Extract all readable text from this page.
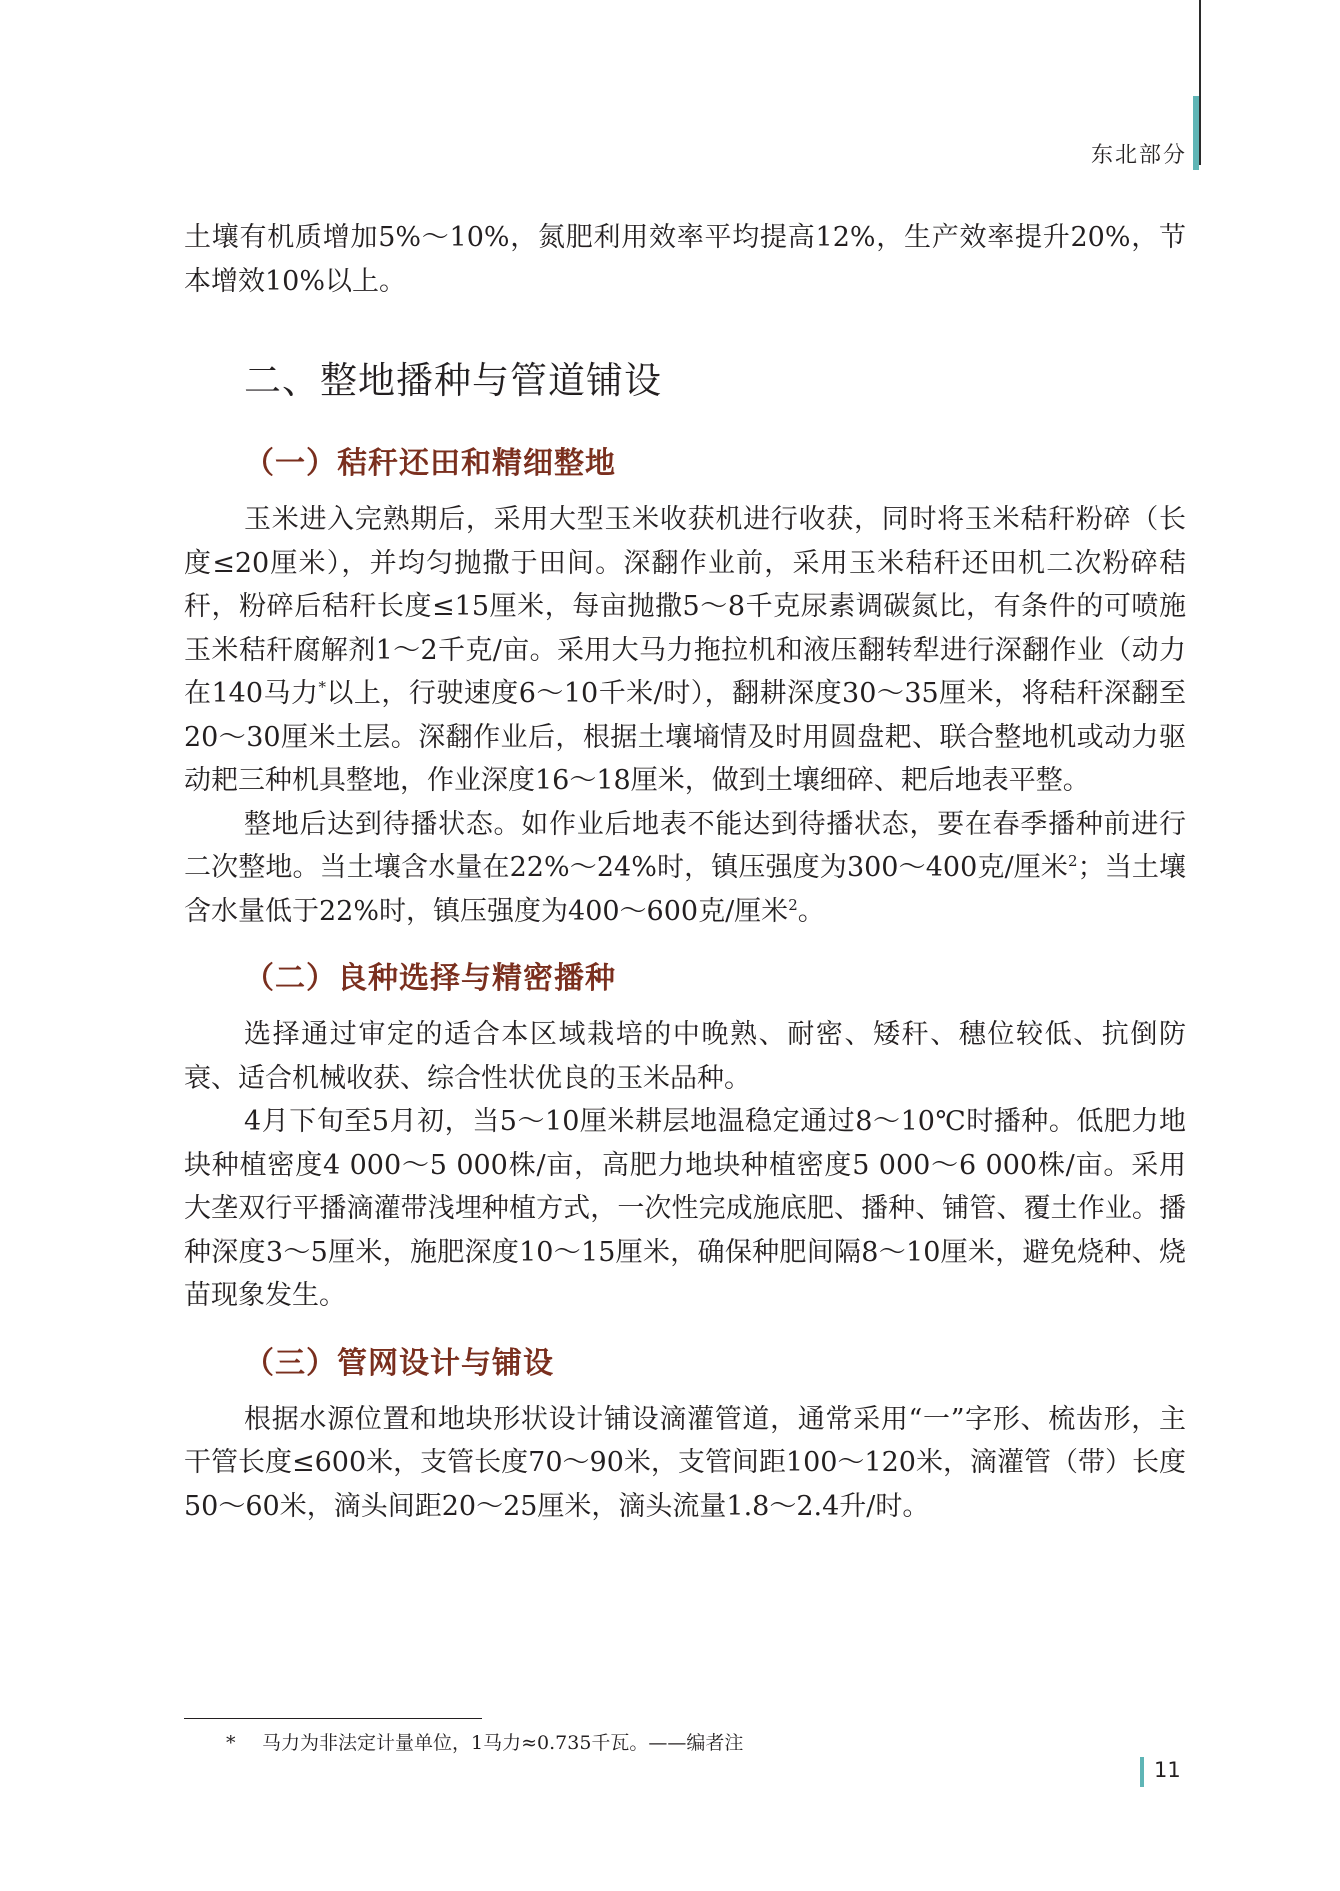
东北部分

土壤有机质增加5%～10%，氮肥利用效率平均提高12%，生产效率提升20%，节本增效10%以上。

二、整地播种与管道铺设
（一）秸秆还田和精细整地

玉米进入完熟期后，采用大型玉米收获机进行收获，同时将玉米秸秆粉碎（长度≤20厘米），并均匀抛撒于田间。深翻作业前，采用玉米秸秆还田机二次粉碎秸秆，粉碎后秸秆长度≤15厘米，每亩抛撒5～8千克尿素调碳氮比，有条件的可喷施玉米秸秆腐解剂1～2千克/亩。采用大马力拖拉机和液压翻转犁进行深翻作业（动力在140马力*以上，行驶速度6～10千米/时），翻耕深度30～35厘米，将秸秆深翻至20～30厘米土层。深翻作业后，根据土壤墒情及时用圆盘耙、联合整地机或动力驱动耙三种机具整地，作业深度16～18厘米，做到土壤细碎、耙后地表平整。

整地后达到待播状态。如作业后地表不能达到待播状态，要在春季播种前进行二次整地。当土壤含水量在22%～24%时，镇压强度为300～400克/厘米$^2$；当土壤含水量低于22%时，镇压强度为400～600克/厘米$^2$。

（二）良种选择与精密播种

选择通过审定的适合本区域栽培的中晚熟、耐密、矮秆、穗位较低、抗倒防衰、适合机械收获、综合性状优良的玉米品种。

4月下旬至5月初，当5～10厘米耕层地温稳定通过8～10℃时播种。低肥力地块种植密度4 000～5 000株/亩，高肥力地块种植密度5 000～6 000株/亩。采用大垄双行平播滴灌带浅埋种植方式，一次性完成施底肥、播种、铺管、覆土作业。播种深度3～5厘米，施肥深度10～15厘米，确保种肥间隔8～10厘米，避免烧种、烧苗现象发生。

（三）管网设计与铺设

根据水源位置和地块形状设计铺设滴灌管道，通常采用“一”字形、梳齿形，主干管长度≤600米，支管长度70～90米，支管间距100～120米，滴灌管（带）长度50～60米，滴头间距20～25厘米，滴头流量1.8～2.4升/时。

* 马力为非法定计量单位，1马力≈0.735千瓦。——编者注
11
